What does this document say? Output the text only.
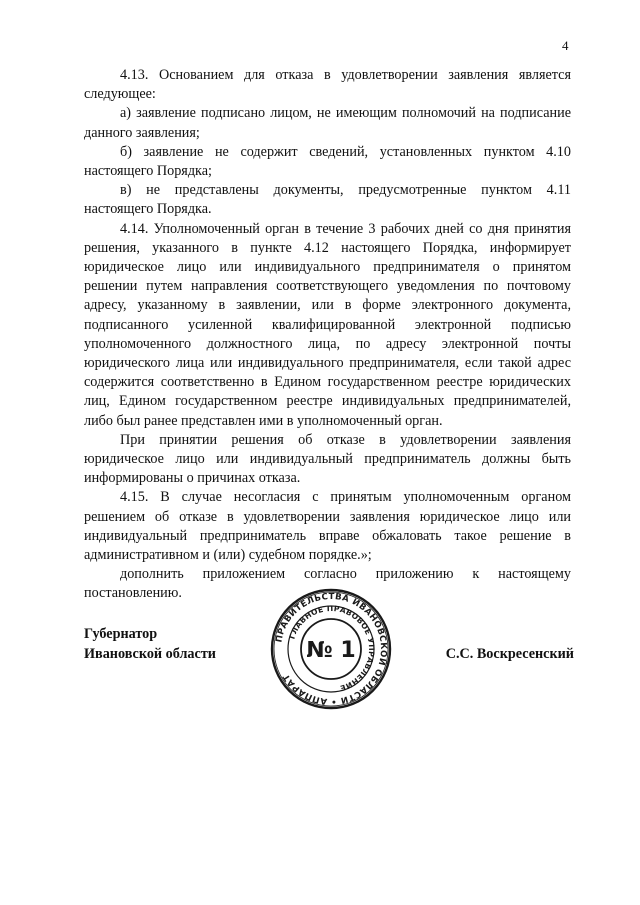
4

4.13. Основанием для отказа в удовлетворении заявления является следующее:

а) заявление подписано лицом, не имеющим полномочий на подписание данного заявления;

б) заявление не содержит сведений, установленных пунктом 4.10 настоящего Порядка;

в) не представлены документы, предусмотренные пунктом 4.11 настоящего Порядка.

4.14. Уполномоченный орган в течение 3 рабочих дней со дня принятия решения, указанного в пункте 4.12 настоящего Порядка, информирует юридическое лицо или индивидуального предпринимателя о принятом решении путем направления соответствующего уведомления по почтовому адресу, указанному в заявлении, или в форме электронного документа, подписанного усиленной квалифицированной электронной подписью уполномоченного должностного лица, по адресу электронной почты юридического лица или индивидуального предпринимателя, если такой адрес содержится соответственно в Едином государственном реестре юридических лиц, Едином государственном реестре индивидуальных предпринимателей, либо был ранее представлен ими в уполномоченный орган.

При принятии решения об отказе в удовлетворении заявления юридическое лицо или индивидуальный предприниматель должны быть информированы о причинах отказа.

4.15. В случае несогласия с принятым уполномоченным органом решением об отказе в удовлетворении заявления юридическое лицо или индивидуальный предприниматель вправе обжаловать такое решение в административном и (или) судебном порядке.»;

дополнить приложением согласно приложению к настоящему постановлению.

Губернатор
Ивановской области	С.С. Воскресенский
ПРАВИТЕЛЬСТВА ИВАНОВСКОЙ ОБЛАСТИ • АППАРАТ
ГЛАВНОЕ ПРАВОВОЕ УПРАВЛЕНИЕ
№ 1
